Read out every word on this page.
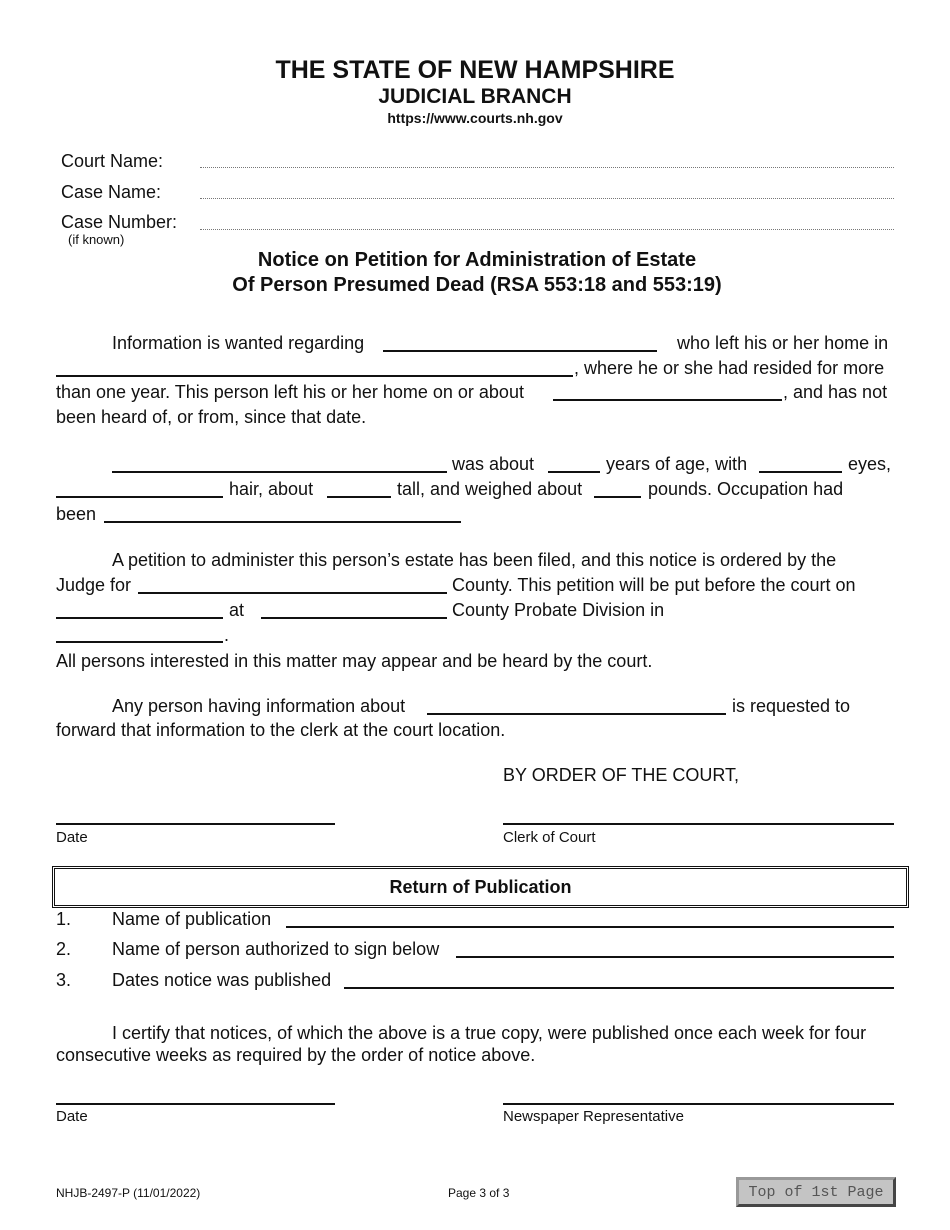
THE STATE OF NEW HAMPSHIRE
JUDICIAL BRANCH
https://www.courts.nh.gov
Court Name:
Case Name:
Case Number:
(if known)
Notice on Petition for Administration of Estate
Of Person Presumed Dead (RSA 553:18 and 553:19)
Information is wanted regarding	who left his or her home in
, where he or she had resided for more
than one year. This person left his or her home on or about	, and has not
been heard of, or from, since that date.
was about	years of age, with	eyes,
hair, about	tall, and weighed about	pounds. Occupation had
been
A petition to administer this person’s estate has been filed, and this notice is ordered by the
Judge for	County. This petition will be put before the court on
at	County Probate Division in
.
All persons interested in this matter may appear and be heard by the court.
Any person having information about	is requested to
forward that information to the clerk at the court location.
BY ORDER OF THE COURT,
Date	Clerk of Court
Return of Publication
1. Name of publication
2. Name of person authorized to sign below
3. Dates notice was published
I certify that notices, of which the above is a true copy, were published once each week for four
consecutive weeks as required by the order of notice above.
Date	Newspaper Representative
NHJB-2497-P (11/01/2022)	Page 3 of 3	Top of 1st Page
